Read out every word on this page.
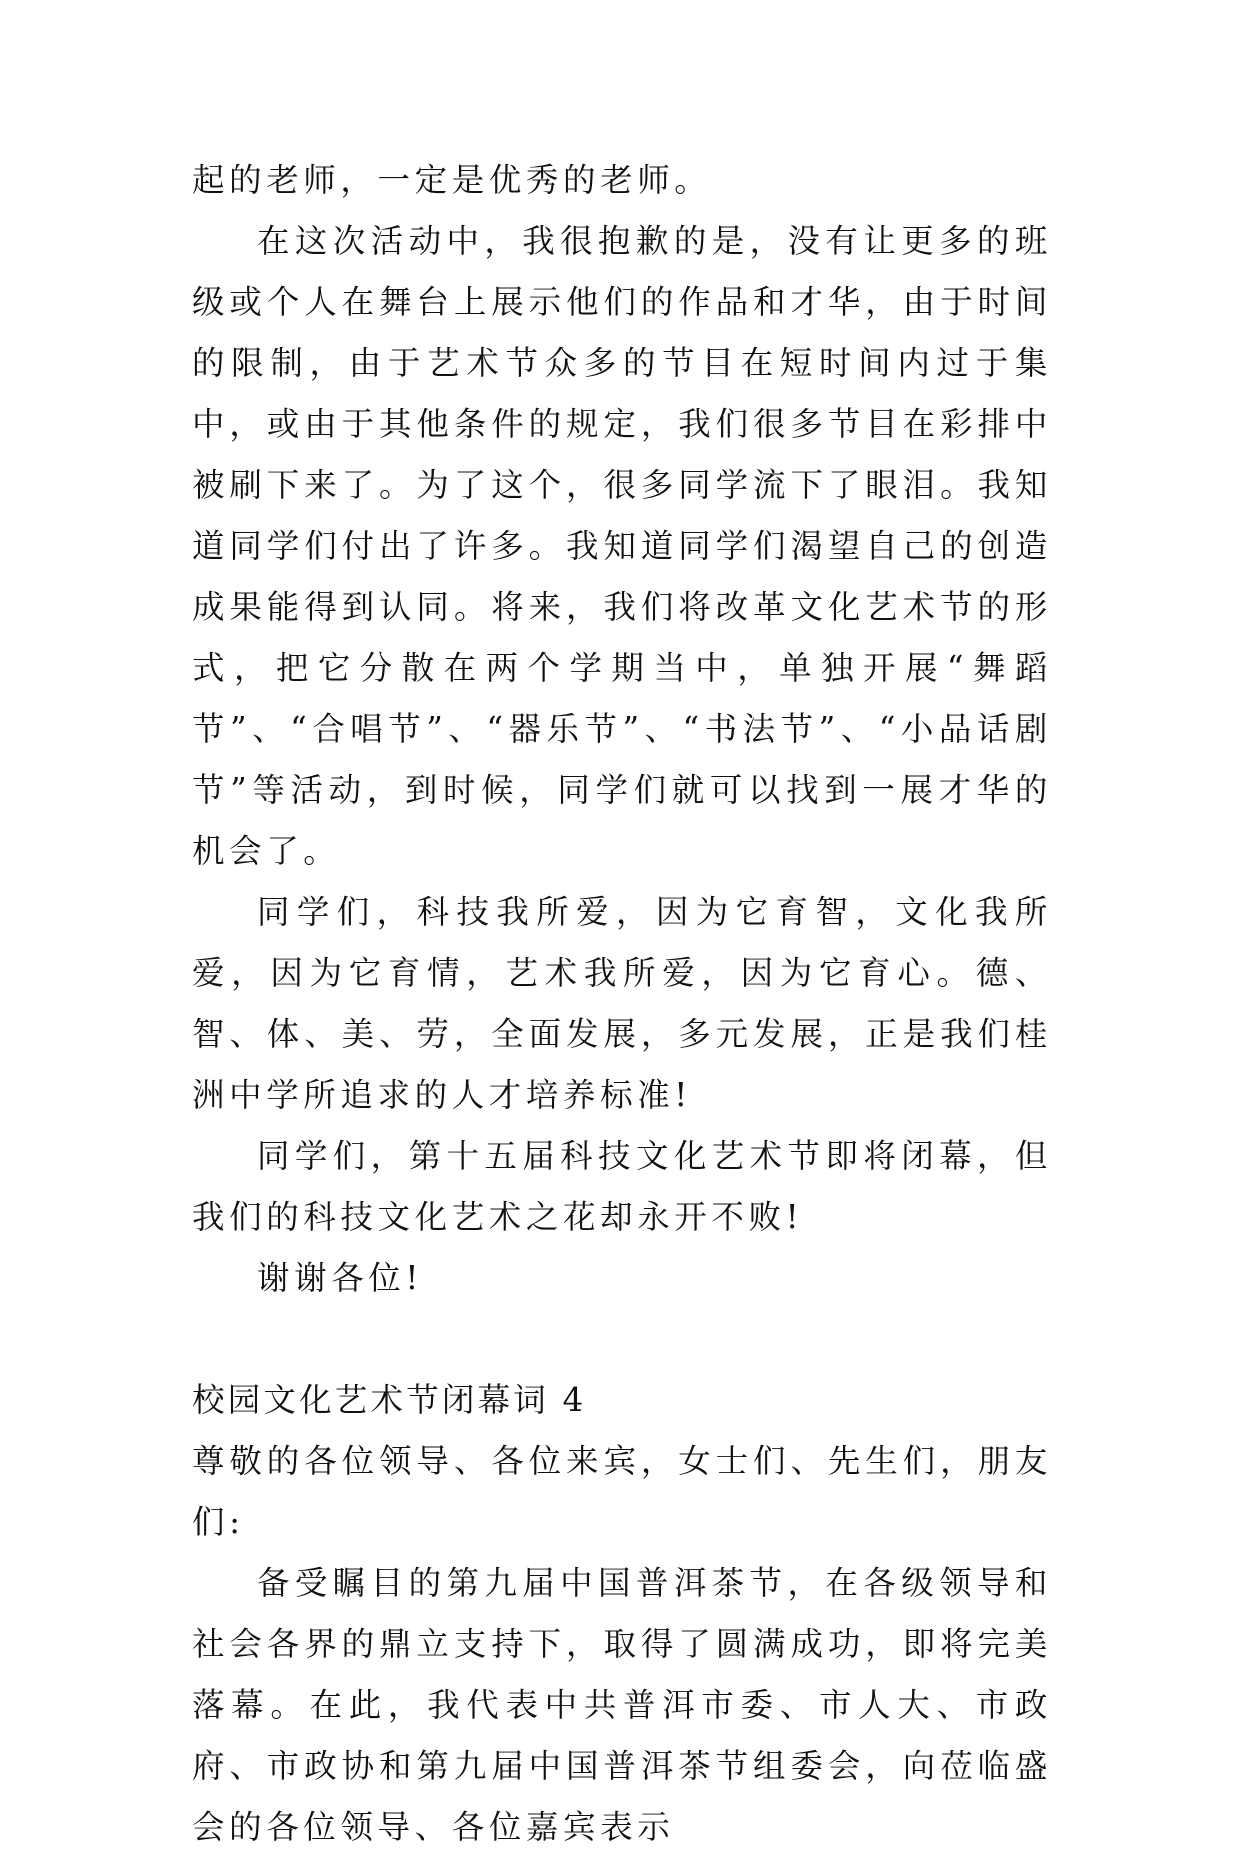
起的老师，一定是优秀的老师。

在这次活动中，我很抱歉的是，没有让更多的班级或个人在舞台上展示他们的作品和才华，由于时间的限制，由于艺术节众多的节目在短时间内过于集中，或由于其他条件的规定，我们很多节目在彩排中被刷下来了。为了这个，很多同学流下了眼泪。我知道同学们付出了许多。我知道同学们渴望自己的创造成果能得到认同。将来，我们将改革文化艺术节的形式，把它分散在两个学期当中，单独开展“舞蹈节”、“合唱节”、“器乐节”、“书法节”、“小品话剧节”等活动，到时候，同学们就可以找到一展才华的机会了。

同学们，科技我所爱，因为它育智，文化我所爱，因为它育情，艺术我所爱，因为它育心。德、智、体、美、劳，全面发展，多元发展，正是我们桂洲中学所追求的人才培养标准!

同学们，第十五届科技文化艺术节即将闭幕，但我们的科技文化艺术之花却永开不败!

谢谢各位!

校园文化艺术节闭幕词 4

尊敬的各位领导、各位来宾，女士们、先生们，朋友们:

备受瞩目的第九届中国普洱茶节，在各级领导和社会各界的鼎立支持下，取得了圆满成功，即将完美落幕。在此，我代表中共普洱市委、市人大、市政府、市政协和第九届中国普洱茶节组委会，向莅临盛会的各位领导、各位嘉宾表示
